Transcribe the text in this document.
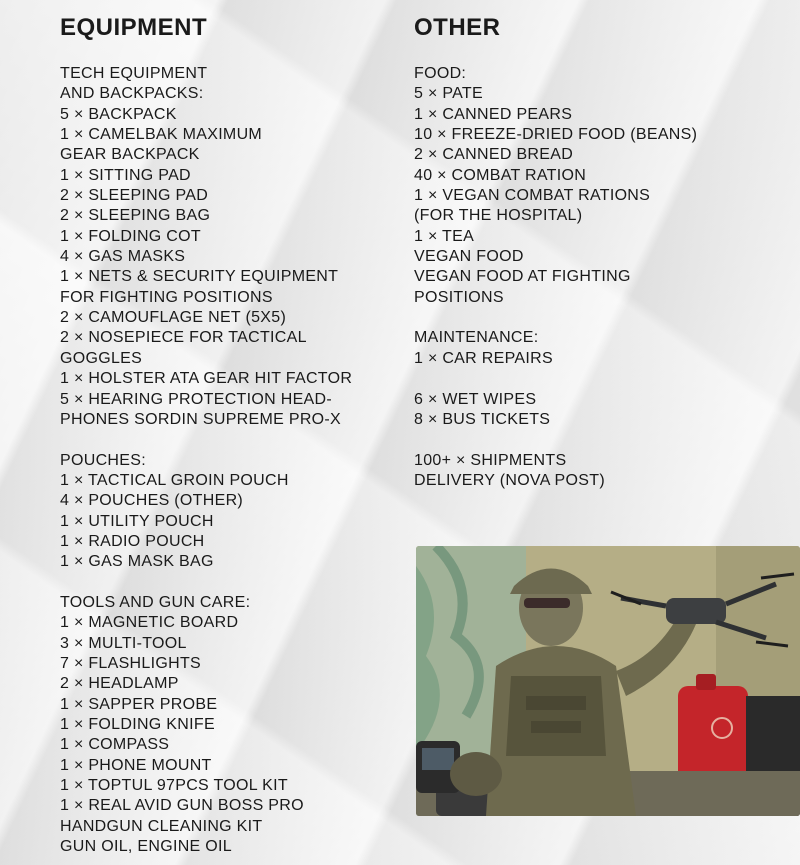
EQUIPMENT
TECH EQUIPMENT
AND BACKPACKS:
5 × BACKPACK
1 × CAMELBAK MAXIMUM
GEAR BACKPACK
1 × SITTING PAD
2 × SLEEPING PAD
2 × SLEEPING BAG
1 × FOLDING COT
4 × GAS MASKS
1 × NETS & SECURITY EQUIPMENT
FOR FIGHTING POSITIONS
2 × CAMOUFLAGE NET (5X5)
2 × NOSEPIECE FOR TACTICAL
GOGGLES
1 × HOLSTER ATA GEAR HIT FACTOR
5 × HEARING PROTECTION HEAD-
PHONES SORDIN SUPREME PRO-X
POUCHES:
1 × TACTICAL GROIN POUCH
4 × POUCHES (OTHER)
1 × UTILITY POUCH
1 × RADIO POUCH
1 × GAS MASK BAG
TOOLS AND GUN CARE:
1 × MAGNETIC BOARD
3 × MULTI-TOOL
7 × FLASHLIGHTS
2 × HEADLAMP
1 × SAPPER PROBE
1 × FOLDING KNIFE
1 × COMPASS
1 × PHONE MOUNT
1 × TOPTUL 97PCS TOOL KIT
1 × REAL AVID GUN BOSS PRO
HANDGUN CLEANING KIT
GUN OIL, ENGINE OIL
OTHER
FOOD:
5 × PATE
1 × CANNED PEARS
10 × FREEZE-DRIED FOOD (BEANS)
2 × CANNED BREAD
40 × COMBAT RATION
1 × VEGAN COMBAT RATIONS
(FOR THE HOSPITAL)
1 × TEA
VEGAN FOOD
VEGAN FOOD AT FIGHTING
POSITIONS
MAINTENANCE:
1 × CAR REPAIRS
6 × WET WIPES
8 × BUS TICKETS
100+ × SHIPMENTS
DELIVERY (NOVA POST)
